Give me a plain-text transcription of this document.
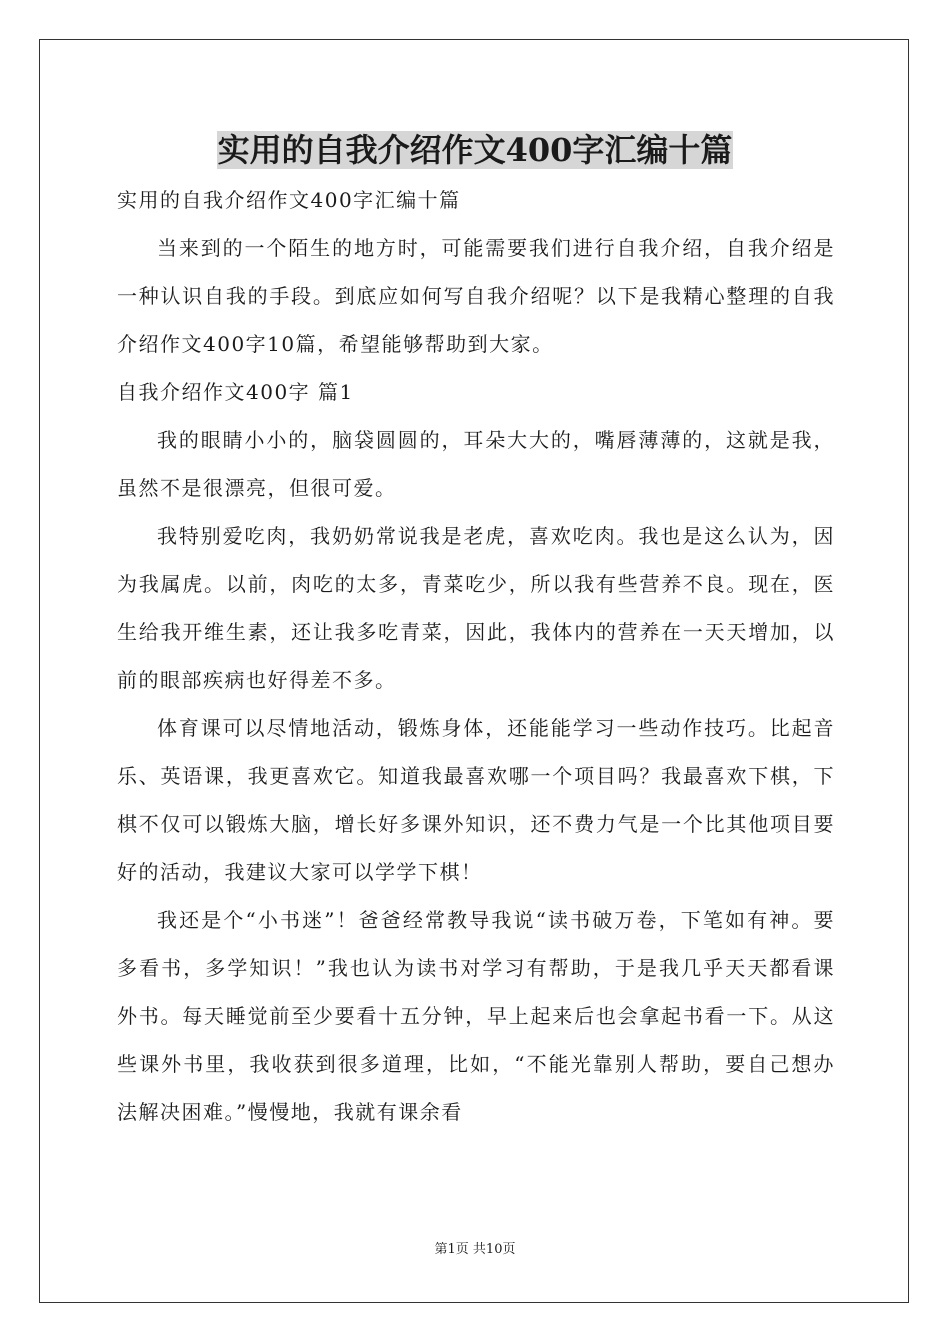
实用的自我介绍作文400字汇编十篇

实用的自我介绍作文400字汇编十篇

当来到的一个陌生的地方时，可能需要我们进行自我介绍，自我介绍是一种认识自我的手段。到底应如何写自我介绍呢？以下是我精心整理的自我介绍作文400字10篇，希望能够帮助到大家。

自我介绍作文400字 篇1

我的眼睛小小的，脑袋圆圆的，耳朵大大的，嘴唇薄薄的，这就是我，虽然不是很漂亮，但很可爱。

我特别爱吃肉，我奶奶常说我是老虎，喜欢吃肉。我也是这么认为，因为我属虎。以前，肉吃的太多，青菜吃少，所以我有些营养不良。现在，医生给我开维生素，还让我多吃青菜，因此，我体内的营养在一天天增加，以前的眼部疾病也好得差不多。

体育课可以尽情地活动，锻炼身体，还能能学习一些动作技巧。比起音乐、英语课，我更喜欢它。知道我最喜欢哪一个项目吗？我最喜欢下棋，下棋不仅可以锻炼大脑，增长好多课外知识，还不费力气是一个比其他项目要好的活动，我建议大家可以学学下棋！

我还是个“小书迷”！爸爸经常教导我说“读书破万卷，下笔如有神。要多看书，多学知识！”我也认为读书对学习有帮助，于是我几乎天天都看课外书。每天睡觉前至少要看十五分钟，早上起来后也会拿起书看一下。从这些课外书里，我收获到很多道理，比如，“不能光靠别人帮助，要自己想办法解决困难。”慢慢地，我就有课余看

第1页 共10页
